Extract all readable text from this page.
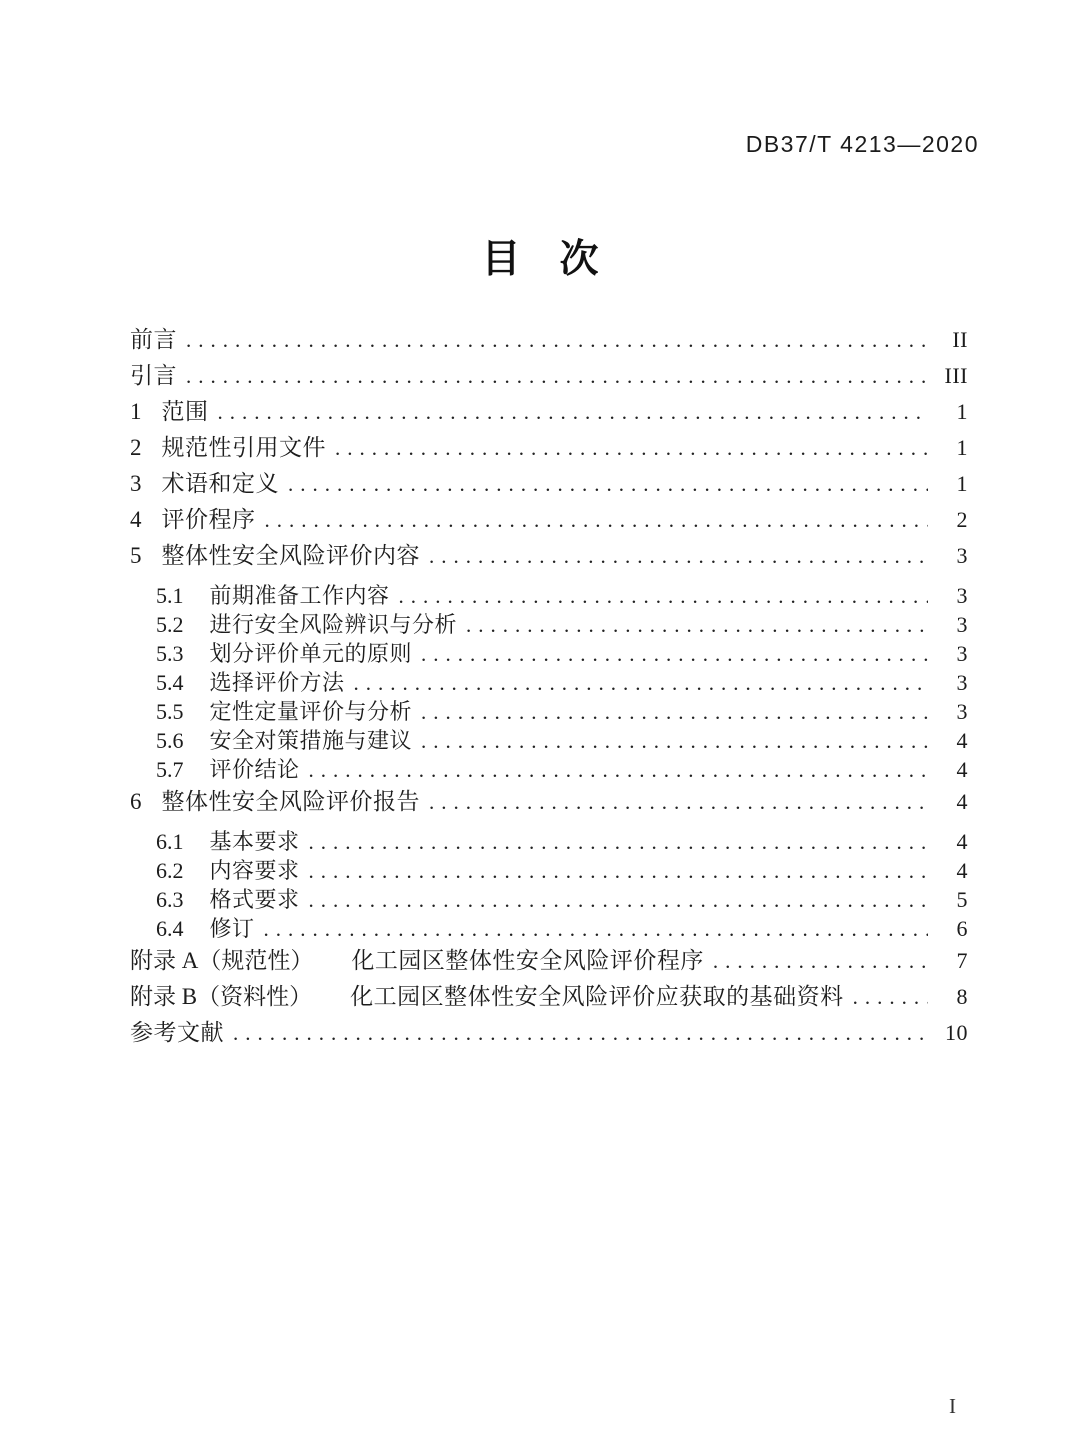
DB37/T 4213—2020
目　次
前言 .....	II
引言 .....	III
1 范围 .....	1
2 规范性引用文件 .....	1
3 术语和定义 .....	1
4 评价程序 .....	2
5 整体性安全风险评价内容 .....	3
5.1 前期准备工作内容 .....	3
5.2 进行安全风险辨识与分析 .....	3
5.3 划分评价单元的原则 .....	3
5.4 选择评价方法 .....	3
5.5 定性定量评价与分析 .....	3
5.6 安全对策措施与建议 .....	4
5.7 评价结论 .....	4
6 整体性安全风险评价报告 .....	4
6.1 基本要求 .....	4
6.2 内容要求 .....	4
6.3 格式要求 .....	5
6.4 修订 .....	6
附录 A（规范性） 化工园区整体性安全风险评价程序 .....	7
附录 B（资料性） 化工园区整体性安全风险评价应获取的基础资料 .....	8
参考文献 .....	10
I
